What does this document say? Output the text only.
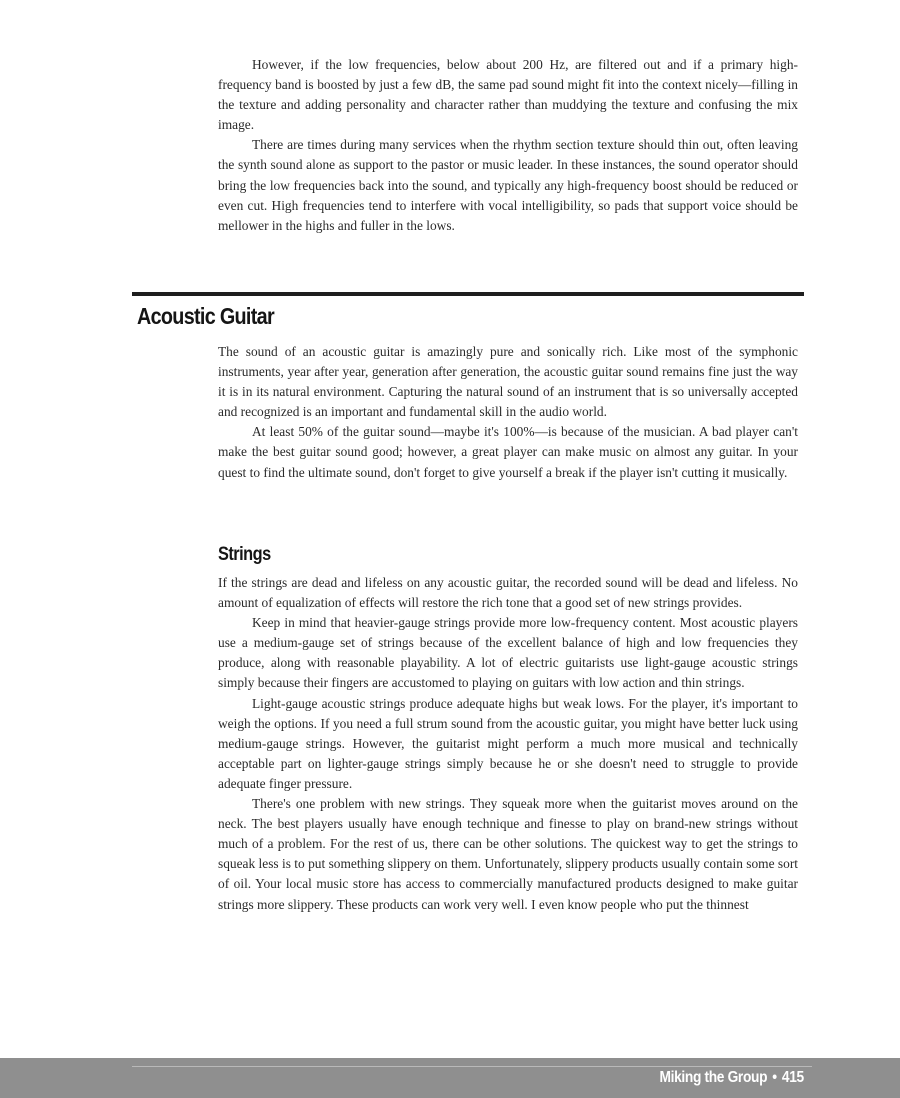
However, if the low frequencies, below about 200 Hz, are filtered out and if a primary high-frequency band is boosted by just a few dB, the same pad sound might fit into the context nicely—filling in the texture and adding personality and character rather than muddying the texture and confusing the mix image.

There are times during many services when the rhythm section texture should thin out, often leaving the synth sound alone as support to the pastor or music leader. In these instances, the sound operator should bring the low frequencies back into the sound, and typically any high-frequency boost should be reduced or even cut. High frequencies tend to interfere with vocal intelligibility, so pads that support voice should be mellower in the highs and fuller in the lows.

Acoustic Guitar

The sound of an acoustic guitar is amazingly pure and sonically rich. Like most of the symphonic instruments, year after year, generation after generation, the acoustic guitar sound remains fine just the way it is in its natural environment. Capturing the natural sound of an instrument that is so universally accepted and recognized is an important and fundamental skill in the audio world.

At least 50% of the guitar sound—maybe it's 100%—is because of the musician. A bad player can't make the best guitar sound good; however, a great player can make music on almost any guitar. In your quest to find the ultimate sound, don't forget to give yourself a break if the player isn't cutting it musically.

Strings

If the strings are dead and lifeless on any acoustic guitar, the recorded sound will be dead and lifeless. No amount of equalization of effects will restore the rich tone that a good set of new strings provides.

Keep in mind that heavier-gauge strings provide more low-frequency content. Most acoustic players use a medium-gauge set of strings because of the excellent balance of high and low frequencies they produce, along with reasonable playability. A lot of electric guitarists use light-gauge acoustic strings simply because their fingers are accustomed to playing on guitars with low action and thin strings.

Light-gauge acoustic strings produce adequate highs but weak lows. For the player, it's important to weigh the options. If you need a full strum sound from the acoustic guitar, you might have better luck using medium-gauge strings. However, the guitarist might perform a much more musical and technically acceptable part on lighter-gauge strings simply because he or she doesn't need to struggle to provide adequate finger pressure.

There's one problem with new strings. They squeak more when the guitarist moves around on the neck. The best players usually have enough technique and finesse to play on brand-new strings without much of a problem. For the rest of us, there can be other solutions. The quickest way to get the strings to squeak less is to put something slippery on them. Unfortunately, slippery products usually contain some sort of oil. Your local music store has access to commercially manufactured products designed to make guitar strings more slippery. These products can work very well. I even know people who put the thinnest

Miking the Group • 415
